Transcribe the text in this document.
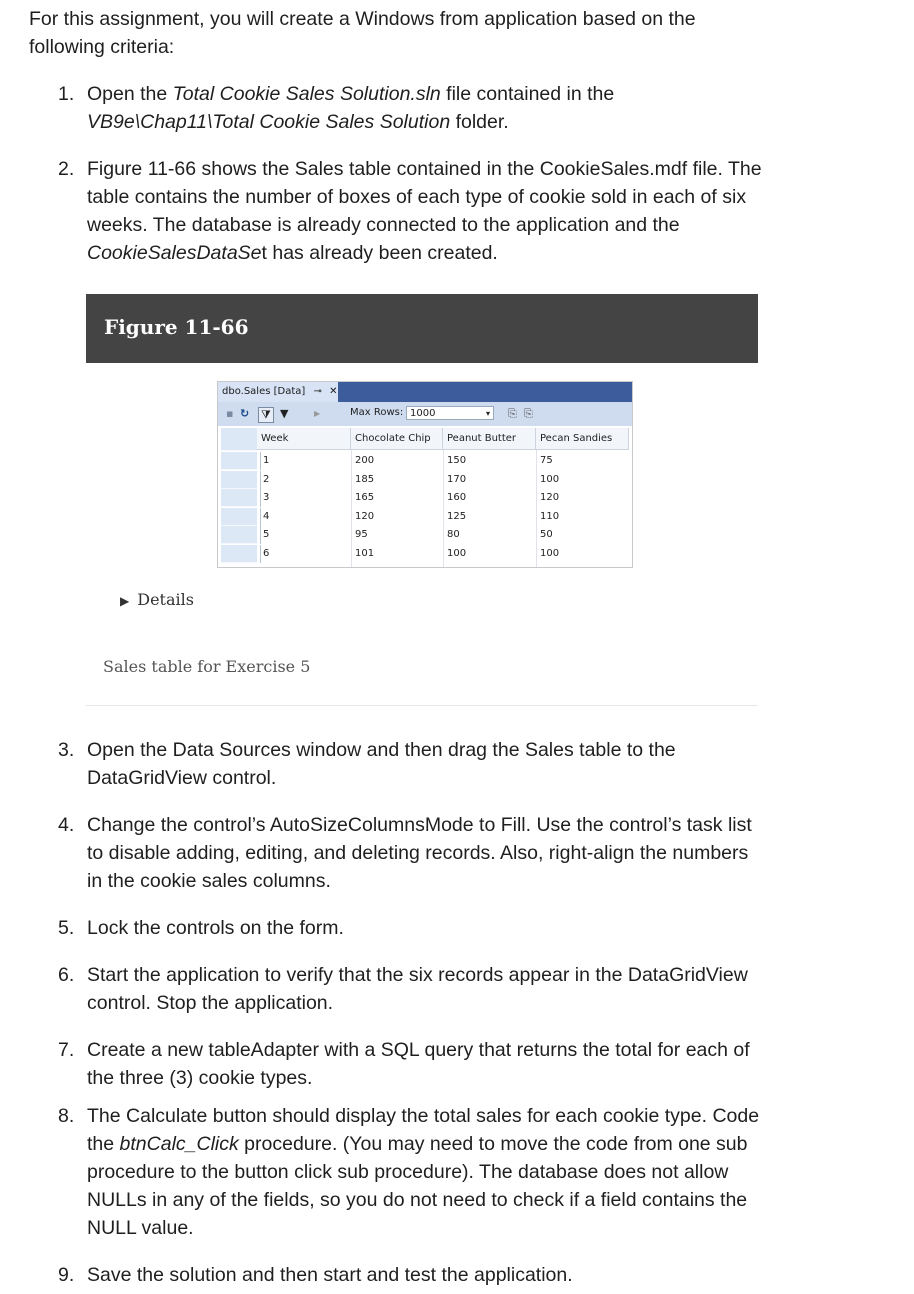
For this assignment, you will create a Windows from application based on the following criteria:

1. Open the Total Cookie Sales Solution.sln file contained in the
VB9e\Chap11\Total Cookie Sales Solution folder.
2. Figure 11-66 shows the Sales table contained in the CookieSales.mdf file. The table contains the number of boxes of each type of cookie sold in each of six weeks. The database is already connected to the application and the CookieSalesDataSet has already been created.
Figure 11-66
dbo.Sales [Data] ⊸ ✕
▪ ↻ ⧩ ▼	▶	Max Rows: 1000	▾ ⎘ ⎘
Week	Chocolate Chip	Peanut Butter	Pecan Sandies
1	200	150	75
2	185	170	100
3	165	160	120
4	120	125	110
5	95	80	50
6	101	100	100
▶ Details
Sales table for Exercise 5
3. Open the Data Sources window and then drag the Sales table to the DataGridView control.
4. Change the control’s AutoSizeColumnsMode to Fill. Use the control’s task list to disable adding, editing, and deleting records. Also, right-align the numbers in the cookie sales columns.
5. Lock the controls on the form.
6. Start the application to verify that the six records appear in the DataGridView control. Stop the application.
7. Create a new tableAdapter with a SQL query that returns the total for each of the three (3) cookie types.
8. The Calculate button should display the total sales for each cookie type. Code the btnCalc_Click procedure. (You may need to move the code from one sub procedure to the button click sub procedure). The database does not allow NULLs in any of the fields, so you do not need to check if a field contains the NULL value.
9. Save the solution and then start and test the application.
